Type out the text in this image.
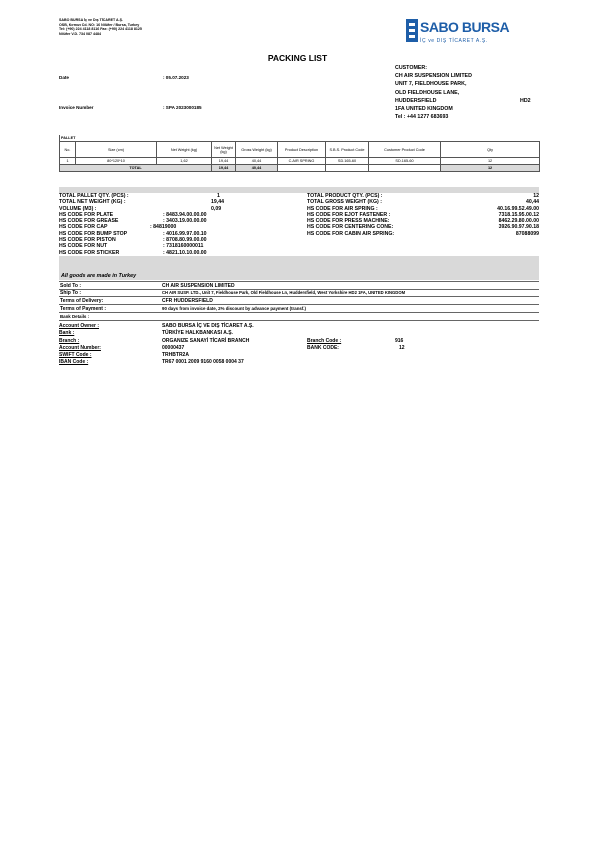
SABO BURSA İç ve Dış TİCARET A.Ş.
OSB, Kırmızı Cd. NO: 16 Nilüfer / Bursa, Turkey
Tel: (+90) 224 4118 8116 Fax: (+90) 224 4118 8125
Nilüfer V.D. 734 087 4484	SABO BURSA
İÇ ve DIŞ TİCARET A.Ş.
PACKING LIST
Date	: 05.07.2023
Invoice Number	: SPA 2023000185
CUSTOMER:
CH AIR SUSPENSION LIMITED
UNIT 7, FIELDHOUSE PARK,
OLD FIELDHOUSE LANE,
HUDDERSFIELD
1FA UNITED KINGDOM
Tel : +44 1277 683693
HD2
PALLET								
No.	Size (cm)	Net Weight (kg)	Net Weight (kg)	Gross Weight (kg)	Product Description	S.B.S. Product Code	Customer Product Code	Qty
1	80*120*10	1,62	19,44	40,44	C.AIR SPRING	SD.165-60	SD.165-60	12
TOTAL			19,44	40,44				12
TOTAL PALLET QTY. (PCS) :	1	TOTAL PRODUCT QTY. (PCS) :	12
TOTAL NET WEIGHT (KG) :	19,44	TOTAL GROSS WEIGHT (KG) :	40,44
VOLUME (M3) :	0,09	HS CODE FOR AIR SPRING :	40.16.99.52.49.00
HS CODE FOR PLATE	: 8483.94.00.00.00	HS CODE FOR EJOT FASTENER :	7318.15.95.00.12
HS CODE FOR GREASE	: 3403.19.00.00.00	HS CODE FOR PRESS MACHINE:	8462.29.80.00.00
HS CODE FOR CAP	: 84819000	HS CODE FOR CENTERING CONE:	3926.90.97.90.18
HS CODE FOR BUMP STOP	: 4016.99.97.00.10	HS CODE FOR CABIN AIR SPRING:	87088099
HS CODE FOR PISTON	: 8708.80.99.00.00
HS CODE FOR NUT	: 7318160000011
HS CODE FOR STICKER	: 4821.10.10.00.00
All goods are made in Turkey
Sold To :	CH AIR SUSPENSION LIMITED
Ship To :	CH AIR SUSP. LTD., Unit 7, Fieldhouse Park, Old Fieldhouse Ln, Huddersfield, West Yorkshire HD2 1FA, UNITED KINGDOM
Terms of Delivery:	CFR HUDDERSFIELD
Terms of Payment :	90 days from invoice date, 2% discount by advance payment (transf.)
Bank Details :
Account Owner :	SABO BURSA İÇ VE DIŞ TİCARET A.Ş.
Bank :	TÜRKİYE HALKBANKASI A.Ş.
Branch :	ORGANIZE SANAYİ TİCARİ BRANCH	Branch Code :	916
Account Number:	00000437	BANK CODE:	12
SWIFT Code :	TRHBTR2A
IBAN Code :	TR67 0001 2009 9160 0058 0004 37
